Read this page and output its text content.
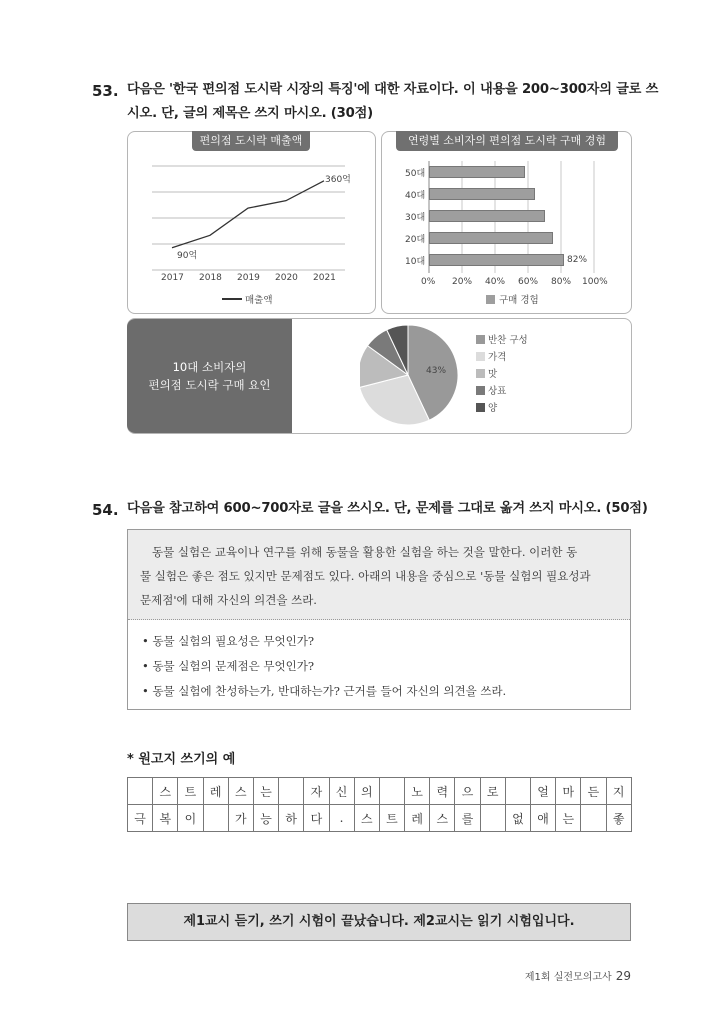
53. 다음은 '한국 편의점 도시락 시장의 특징'에 대한 자료이다. 이 내용을 200~300자의 글로 쓰
시오. 단, 글의 제목은 쓰지 마시오. (30점)
편의점 도시락 매출액
2017 2018 2019 2020 2021
90억
360억
매출액
연령별 소비자의 편의점 도시락 구매 경험
50대
40대
30대
20대
10대	82%
0% 20% 40% 60% 80% 100%
구매 경험
10대 소비자의
편의점 도시락 구매 요인
43%
반찬 구성
가격
맛
상표
양
54. 다음을 참고하여 600~700자로 글을 쓰시오. 단, 문제를 그대로 옮겨 쓰지 마시오. (50점)
동물 실험은 교육이나 연구를 위해 동물을 활용한 실험을 하는 것을 말한다. 이러한 동
물 실험은 좋은 점도 있지만 문제점도 있다. 아래의 내용을 중심으로 '동물 실험의 필요성과
문제점'에 대해 자신의 의견을 쓰라.
• 동물 실험의 필요성은 무엇인가?
• 동물 실험의 문제점은 무엇인가?
• 동물 실험에 찬성하는가, 반대하는가? 근거를 들어 자신의 의견을 쓰라.
* 원고지 쓰기의 예
	스	트	레	스	는		자	신	의		노	력	으	로		얼	마	든	지
극	복	이		가	능	하	다	.	스	트	레	스	를		없	애	는		좋
제1교시 듣기, 쓰기 시험이 끝났습니다. 제2교시는 읽기 시험입니다.
제1회 실전모의고사 29
